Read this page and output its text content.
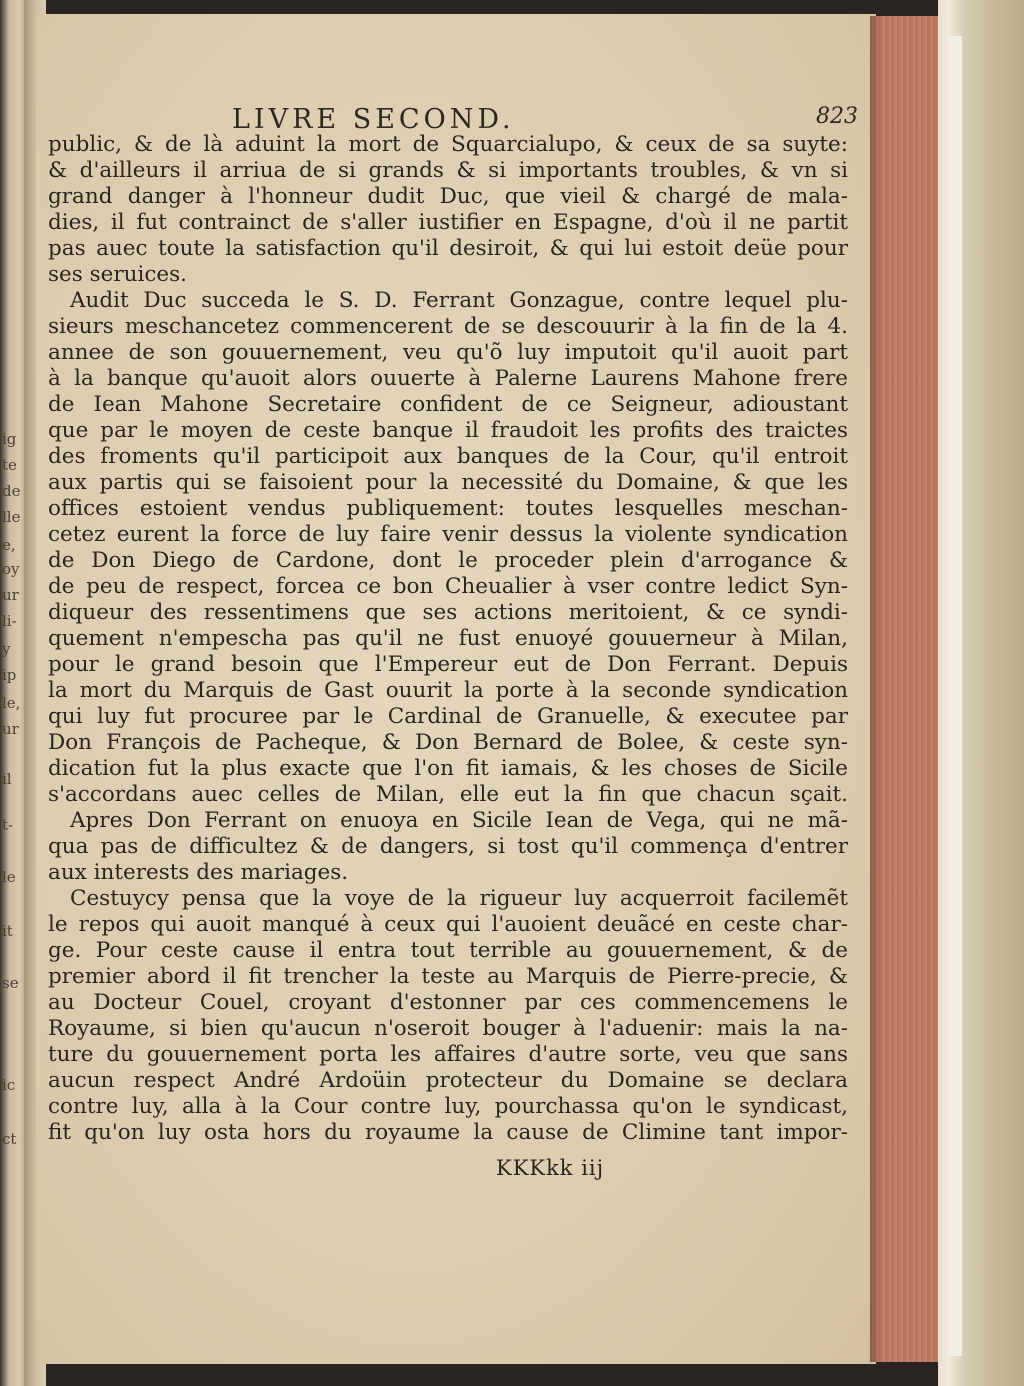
ig
te
de
lle
e,
oy
ur
li-
y
ip
le,
ur
il
t-
le
it
se
ic
ct
LIVRE SECOND.	823
public, & de là aduint la mort de Squarcialupo, & ceux de sa suyte:
& d'ailleurs il arriua de si grands & si importants troubles, & vn si
grand danger à l'honneur dudit Duc, que vieil & chargé de mala-
dies, il fut contrainct de s'aller iustifier en Espagne, d'où il ne partit
pas auec toute la satisfaction qu'il desiroit, & qui lui estoit deüe pour
ses seruices.
Audit Duc succeda le S. D. Ferrant Gonzague, contre lequel plu-
sieurs meschancetez commencerent de se descouurir à la fin de la 4.
annee de son gouuernement, veu qu'õ luy imputoit qu'il auoit part
à la banque qu'auoit alors ouuerte à Palerne Laurens Mahone frere
de Iean Mahone Secretaire confident de ce Seigneur, adioustant
que par le moyen de ceste banque il fraudoit les profits des traictes
des froments qu'il participoit aux banques de la Cour, qu'il entroit
aux partis qui se faisoient pour la necessité du Domaine, & que les
offices estoient vendus publiquement: toutes lesquelles meschan-
cetez eurent la force de luy faire venir dessus la violente syndication
de Don Diego de Cardone, dont le proceder plein d'arrogance &
de peu de respect, forcea ce bon Cheualier à vser contre ledict Syn-
diqueur des ressentimens que ses actions meritoient, & ce syndi-
quement n'empescha pas qu'il ne fust enuoyé gouuerneur à Milan,
pour le grand besoin que l'Empereur eut de Don Ferrant. Depuis
la mort du Marquis de Gast ouurit la porte à la seconde syndication
qui luy fut procuree par le Cardinal de Granuelle, & executee par
Don François de Pacheque, & Don Bernard de Bolee, & ceste syn-
dication fut la plus exacte que l'on fit iamais, & les choses de Sicile
s'accordans auec celles de Milan, elle eut la fin que chacun sçait.
Apres Don Ferrant on enuoya en Sicile Iean de Vega, qui ne mã-
qua pas de difficultez & de dangers, si tost qu'il commença d'entrer
aux interests des mariages.
Cestuycy pensa que la voye de la rigueur luy acquerroit facilemẽt
le repos qui auoit manqué à ceux qui l'auoient deuãcé en ceste char-
ge. Pour ceste cause il entra tout terrible au gouuernement, & de
premier abord il fit trencher la teste au Marquis de Pierre-precie, &
au Docteur Couel, croyant d'estonner par ces commencemens le
Royaume, si bien qu'aucun n'oseroit bouger à l'aduenir: mais la na-
ture du gouuernement porta les affaires d'autre sorte, veu que sans
aucun respect André Ardoüin protecteur du Domaine se declara
contre luy, alla à la Cour contre luy, pourchassa qu'on le syndicast,
fit qu'on luy osta hors du royaume la cause de Climine tant impor-
KKKkk iij
